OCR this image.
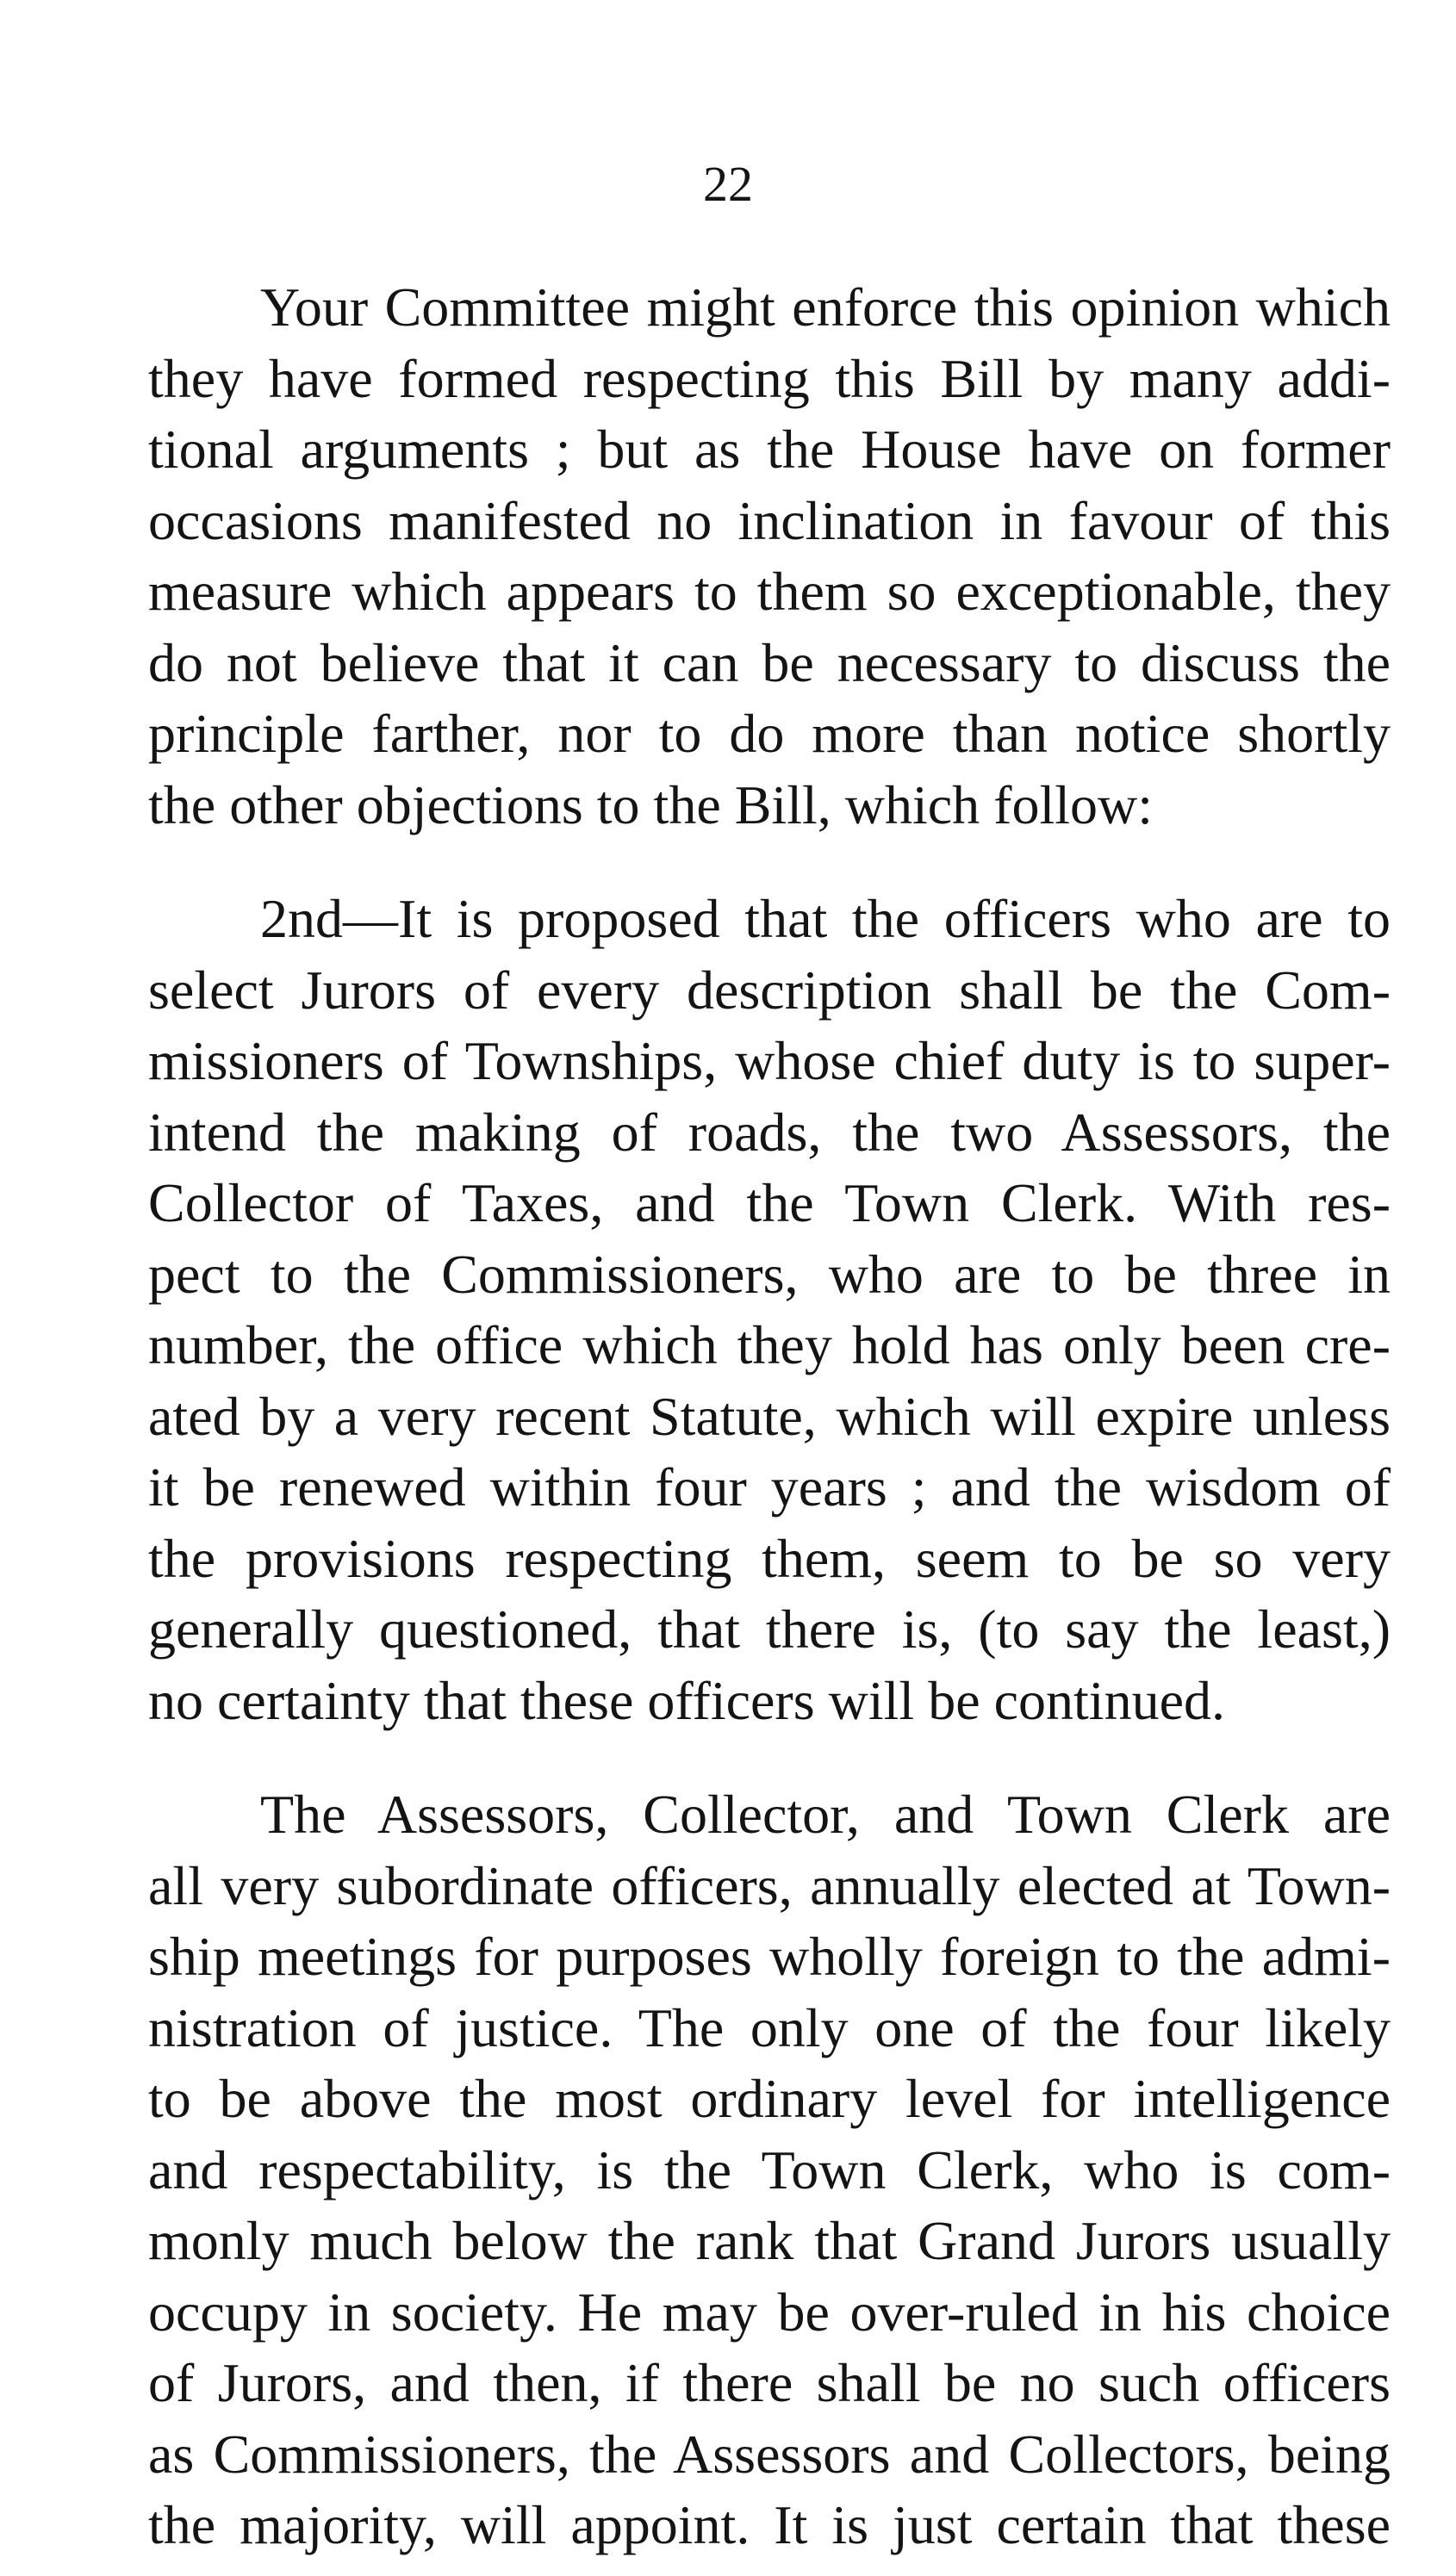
22
Your Committee might enforce this opinion which
they have formed respecting this Bill by many addi-
tional arguments ; but as the House have on former
occasions manifested no inclination in favour of this
measure which appears to them so exceptionable, they
do not believe that it can be necessary to discuss the
principle farther, nor to do more than notice shortly
the other objections to the Bill, which follow:
2nd—It is proposed that the officers who are to
select Jurors of every description shall be the Com-
missioners of Townships, whose chief duty is to super-
intend the making of roads, the two Assessors, the
Collector of Taxes, and the Town Clerk. With res-
pect to the Commissioners, who are to be three in
number, the office which they hold has only been cre-
ated by a very recent Statute, which will expire unless
it be renewed within four years ; and the wisdom of
the provisions respecting them, seem to be so very
generally questioned, that there is, (to say the least,)
no certainty that these officers will be continued.
The Assessors, Collector, and Town Clerk are
all very subordinate officers, annually elected at Town-
ship meetings for purposes wholly foreign to the admi-
nistration of justice. The only one of the four likely
to be above the most ordinary level for intelligence
and respectability, is the Town Clerk, who is com-
monly much below the rank that Grand Jurors usually
occupy in society. He may be over-ruled in his choice
of Jurors, and then, if there shall be no such officers
as Commissioners, the Assessors and Collectors, being
the majority, will appoint. It is just certain that these
